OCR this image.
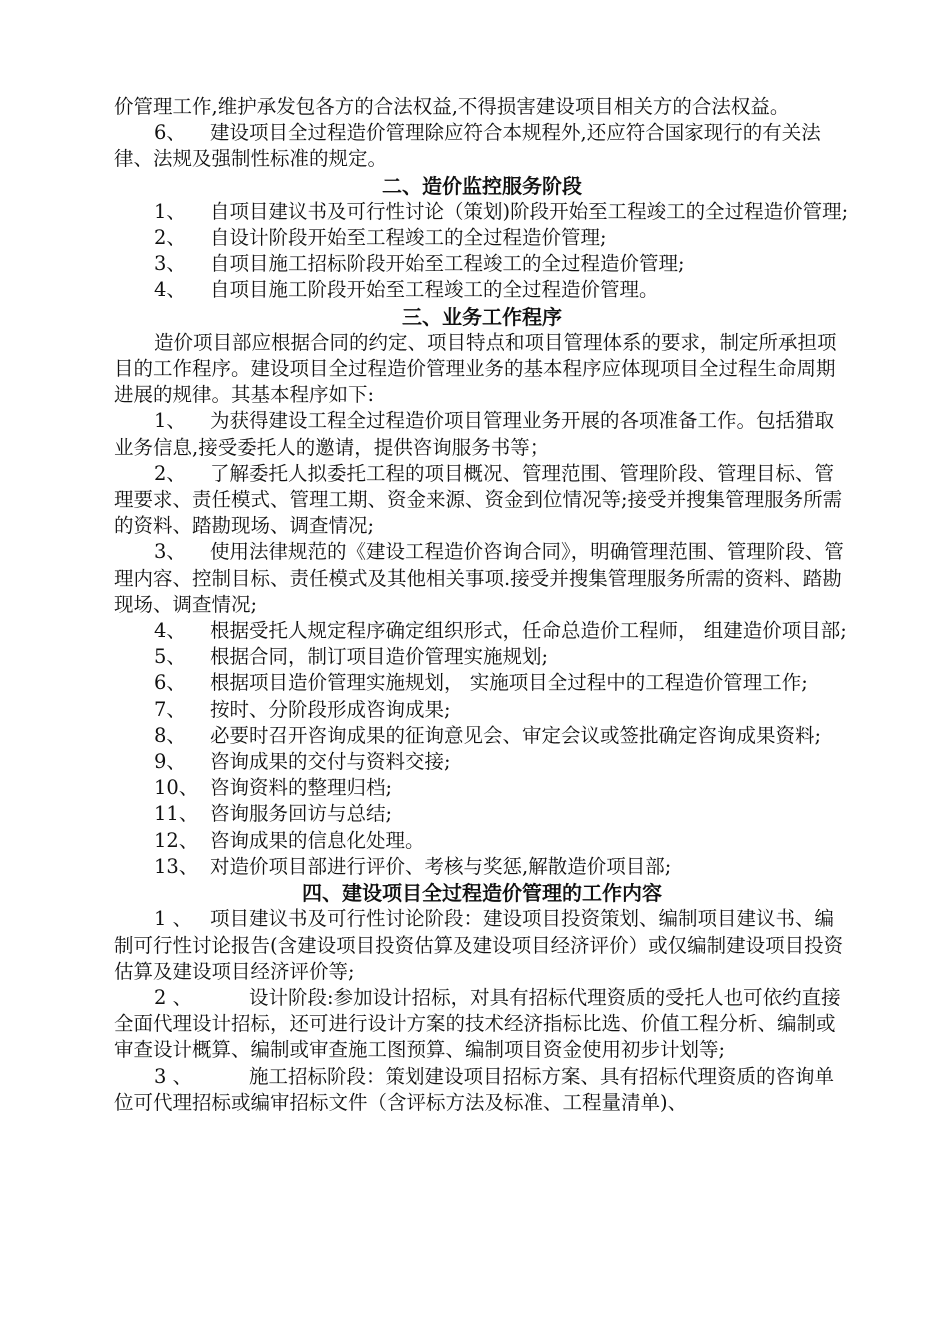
价管理工作,维护承发包各方的合法权益,不得损害建设项目相关方的合法权益。

6、 建设项目全过程造价管理除应符合本规程外,还应符合国家现行的有关法律、法规及强制性标准的规定。

二、造价监控服务阶段

1、 自项目建议书及可行性讨论（策划)阶段开始至工程竣工的全过程造价管理;

2、 自设计阶段开始至工程竣工的全过程造价管理;

3、 自项目施工招标阶段开始至工程竣工的全过程造价管理;

4、 自项目施工阶段开始至工程竣工的全过程造价管理。

三、业务工作程序

造价项目部应根据合同的约定、项目特点和项目管理体系的要求，制定所承担项目的工作程序。建设项目全过程造价管理业务的基本程序应体现项目全过程生命周期进展的规律。其基本程序如下:

1、 为获得建设工程全过程造价项目管理业务开展的各项准备工作。包括猎取业务信息,接受委托人的邀请，提供咨询服务书等；

2、 了解委托人拟委托工程的项目概况、管理范围、管理阶段、管理目标、管理要求、责任模式、管理工期、资金来源、资金到位情况等;接受并搜集管理服务所需的资料、踏勘现场、调查情况;

3、 使用法律规范的《建设工程造价咨询合同》，明确管理范围、管理阶段、管理内容、控制目标、责任模式及其他相关事项.接受并搜集管理服务所需的资料、踏勘现场、调查情况;

4、 根据受托人规定程序确定组织形式，任命总造价工程师， 组建造价项目部;

5、 根据合同，制订项目造价管理实施规划;

6、 根据项目造价管理实施规划， 实施项目全过程中的工程造价管理工作;

7、 按时、分阶段形成咨询成果;

8、 必要时召开咨询成果的征询意见会、审定会议或签批确定咨询成果资料;

9、 咨询成果的交付与资料交接;

10、 咨询资料的整理归档;

11、 咨询服务回访与总结;

12、 咨询成果的信息化处理。

13、 对造价项目部进行评价、考核与奖惩,解散造价项目部;

四、建设项目全过程造价管理的工作内容

1 、 项目建议书及可行性讨论阶段：建设项目投资策划、编制项目建议书、编制可行性讨论报告(含建设项目投资估算及建设项目经济评价）或仅编制建设项目投资估算及建设项目经济评价等;

2 、	设计阶段:参加设计招标，对具有招标代理资质的受托人也可依约直接全面代理设计招标，还可进行设计方案的技术经济指标比选、价值工程分析、编制或审查设计概算、编制或审查施工图预算、编制项目资金使用初步计划等;

3 、	施工招标阶段：策划建设项目招标方案、具有招标代理资质的咨询单位可代理招标或编审招标文件（含评标方法及标准、工程量清单)、
